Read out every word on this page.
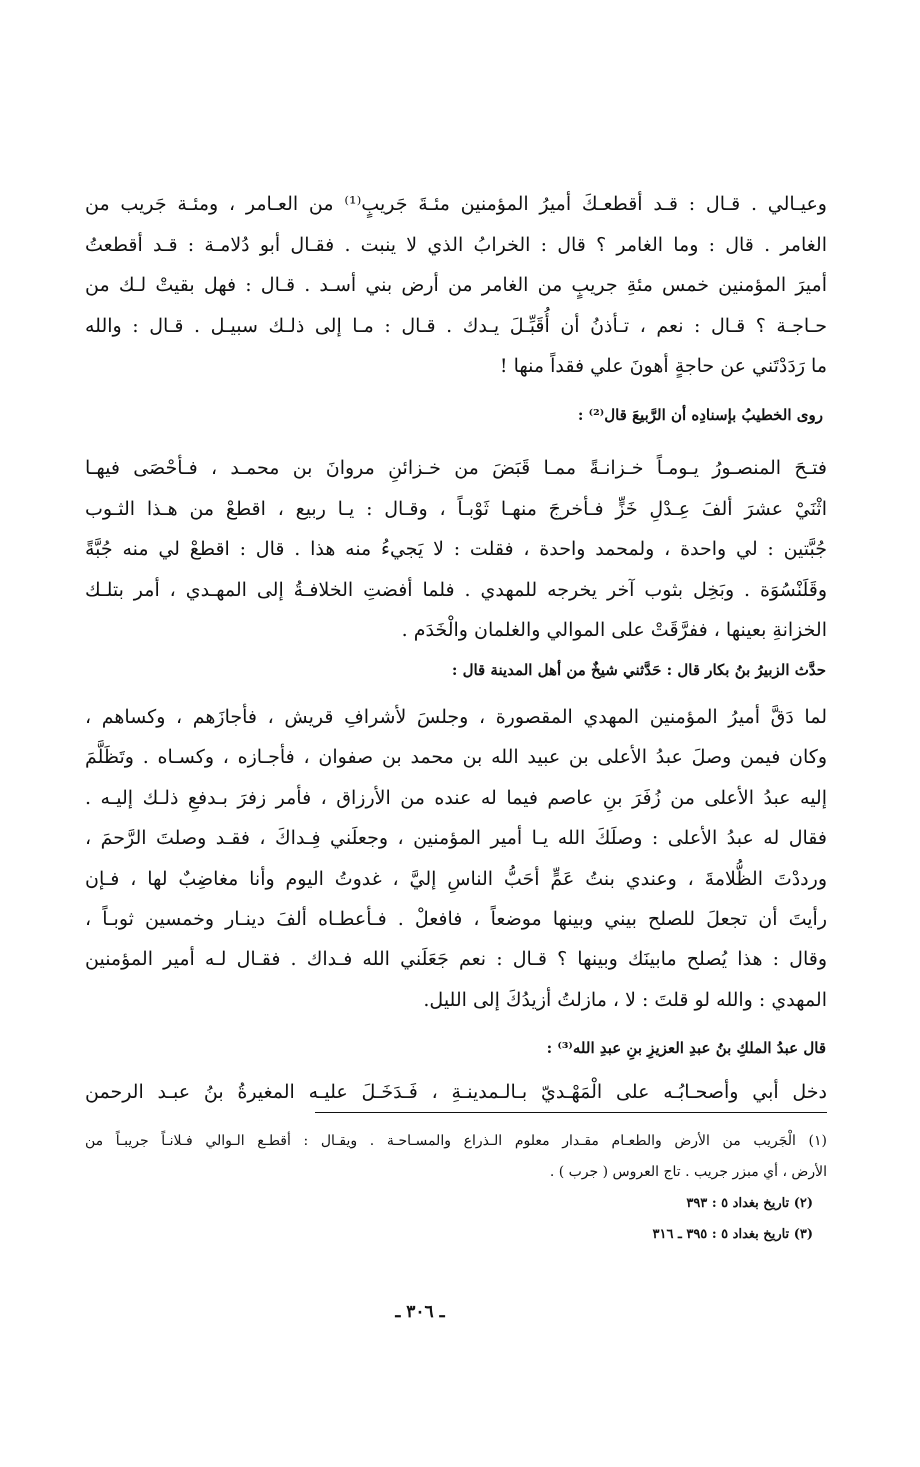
وعيـالي . قـال : قـد أقطعـكَ أميرُ المؤمنين مئـةَ جَريبٍ⁽¹⁾ من العـامر ، ومئـة جَريب من
الغامر . قال : وما الغامر ؟ قال : الخرابُ الذي لا ينبت . فقـال أبو دُلامـة : قـد أقطعتُ
أميرَ المؤمنين خمس مئةِ جريبٍ من الغامر من أرض بني أسـد . قـال : فهل بقيتْ لـك من
حـاجـة ؟ قـال : نعم ، تـأذنُ أن أُقَبِّـلَ يـدك . قـال : مـا إلى ذلـك سبيـل . قـال : والله
ما رَدَدْتَني عن حاجةٍ أهونَ علي فقداً منها !
روى الخطيبُ بإسنادِه أن الرَّبيعَ قال⁽²⁾ :
فتـحَ المنصـورُ يـومـاً خـزانـةً ممـا قَبَضَ من خـزائنِ مروانَ بن محمـد ، فـأحْصَى فيهـا
اثْنَيْ عشرَ ألفَ عِـدْلِ خَزٍّ فـأخرجَ منهـا ثَوْبـاً ، وقـال : يـا ربيع ، اقطعْ من هـذا الثـوب
جُبَّتين : لي واحدة ، ولمحمد واحدة ، فقلت : لا يَجيءُ منه هذا . قال : اقطعْ لي منه جُبَّةً
وقَلَنْسُوَة . وبَخِل بثوب آخر يخرجه للمهدي . فلما أفضتِ الخلافـةُ إلى المهـدي ، أمر بتلـك
الخزانةِ بعينها ، ففرَّقَتْ على الموالي والغلمان والْخَدَم .
حدَّث الزبيرُ بنُ بكار قال : حَدَّثني شيخٌ من أهل المدينة قال :
لما دَقَّ أميرُ المؤمنين المهدي المقصورة ، وجلسَ لأشرافِ قريش ، فأجازَهم ، وكساهم ،
وكان فيمن وصلَ عبدُ الأعلى بن عبيد الله بن محمد بن صفوان ، فأجـازه ، وكسـاه . وتَظَلَّمَ
إليه عبدُ الأعلى من زُفَرَ بنِ عاصم فيما له عنده من الأرزاق ، فأمر زفرَ بـدفعِ ذلـك إليـه .
فقال له عبدُ الأعلى : وصلَكَ الله يـا أمير المؤمنين ، وجعلَني فِـداكَ ، فقـد وصلتَ الرَّحمَ ،
ورددْتَ الظُّلامةَ ، وعندي بنتُ عَمٍّ أحَبُّ الناسِ إليَّ ، غدوتُ اليوم وأنا مغاضِبٌ لها ، فـإن
رأيتَ أن تجعلَ للصلح بيني وبينها موضعاً ، فافعلْ . فـأعطـاه ألفَ دينـار وخمسين ثوبـاً ،
وقال : هذا يُصلح مابينَك وبينها ؟ قـال : نعم جَعَلَني الله فـداك . فقـال لـه أمير المؤمنين
المهدي : والله لو قلتَ : لا ، مازلتُ أزيدُكَ إلى الليل.
قال عبدُ الملكِ بنُ عبدِ العزيزِ بنِ عبدِ الله⁽³⁾ :
دخل أبي وأصحـابُـه على الْمَهْـديّ بـالـمدينـةِ ، فَـدَخَـلَ عليـه المغيرةُ بنُ عبـد الرحمن
(١) الْجَريب من الأرض والطعـام مقـدار معلوم الـذراع والمسـاحـة . ويقـال : أقطـع الـوالي فـلانـاً جريبـاً من
الأرض ، أي مبزر جريب . تاج العروس ( جرب ) .
(٢) تاريخ بغداد ٥ : ٣٩٣
(٣) تاريخ بغداد ٥ : ٣٩٥ ـ ٣١٦
ـ ٣٠٦ ـ
